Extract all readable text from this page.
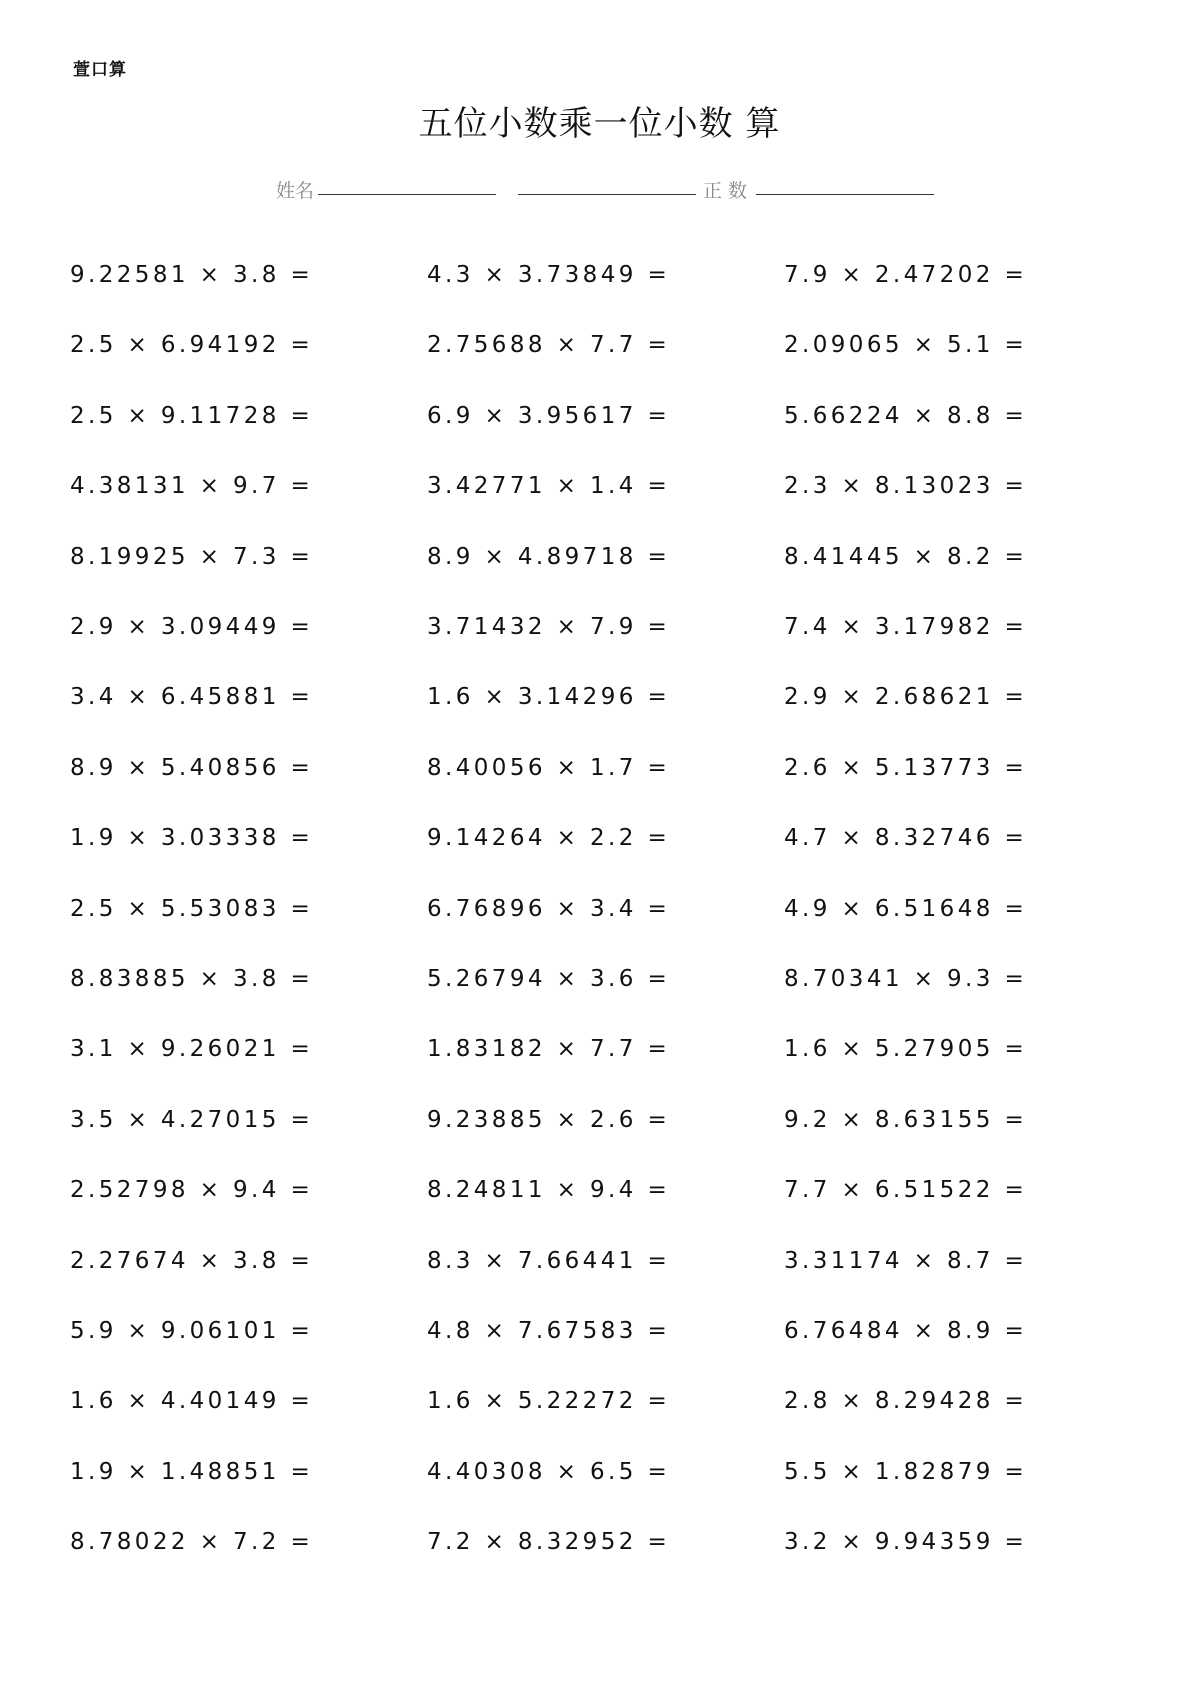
萱口算
五位小数乘一位小数 算
姓名	正 数
9.22581 × 3.8 =	4.3 × 3.73849 =	7.9 × 2.47202 =
2.5 × 6.94192 =	2.75688 × 7.7 =	2.09065 × 5.1 =
2.5 × 9.11728 =	6.9 × 3.95617 =	5.66224 × 8.8 =
4.38131 × 9.7 =	3.42771 × 1.4 =	2.3 × 8.13023 =
8.19925 × 7.3 =	8.9 × 4.89718 =	8.41445 × 8.2 =
2.9 × 3.09449 =	3.71432 × 7.9 =	7.4 × 3.17982 =
3.4 × 6.45881 =	1.6 × 3.14296 =	2.9 × 2.68621 =
8.9 × 5.40856 =	8.40056 × 1.7 =	2.6 × 5.13773 =
1.9 × 3.03338 =	9.14264 × 2.2 =	4.7 × 8.32746 =
2.5 × 5.53083 =	6.76896 × 3.4 =	4.9 × 6.51648 =
8.83885 × 3.8 =	5.26794 × 3.6 =	8.70341 × 9.3 =
3.1 × 9.26021 =	1.83182 × 7.7 =	1.6 × 5.27905 =
3.5 × 4.27015 =	9.23885 × 2.6 =	9.2 × 8.63155 =
2.52798 × 9.4 =	8.24811 × 9.4 =	7.7 × 6.51522 =
2.27674 × 3.8 =	8.3 × 7.66441 =	3.31174 × 8.7 =
5.9 × 9.06101 =	4.8 × 7.67583 =	6.76484 × 8.9 =
1.6 × 4.40149 =	1.6 × 5.22272 =	2.8 × 8.29428 =
1.9 × 1.48851 =	4.40308 × 6.5 =	5.5 × 1.82879 =
8.78022 × 7.2 =	7.2 × 8.32952 =	3.2 × 9.94359 =
